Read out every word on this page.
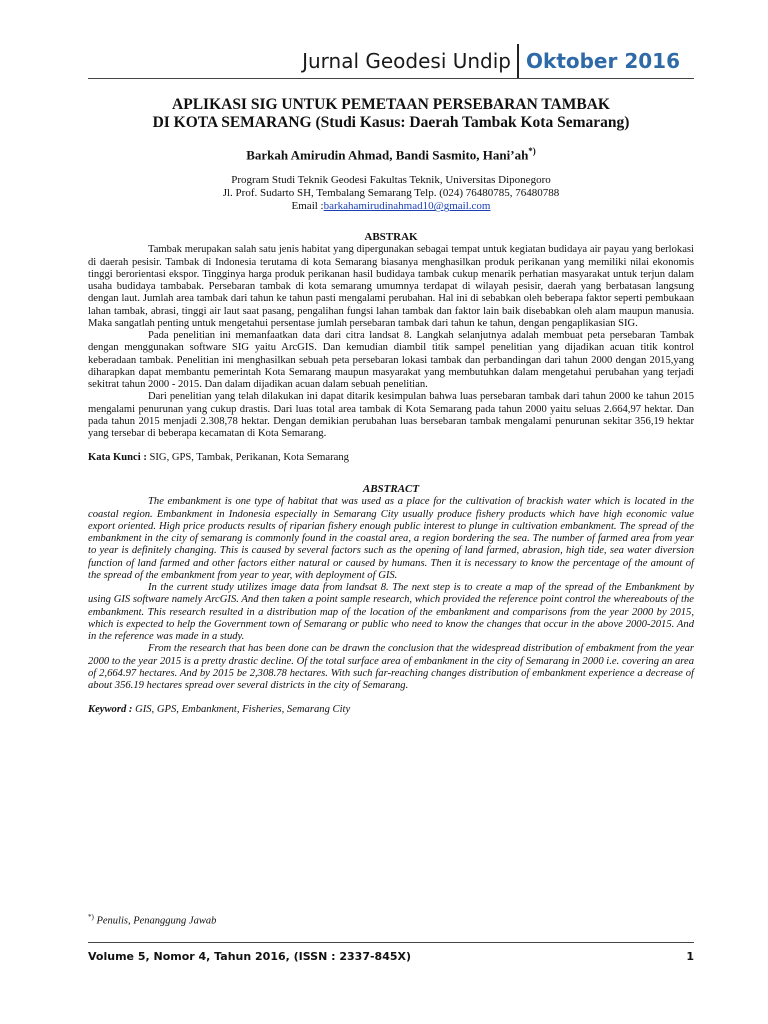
Jurnal Geodesi Undip Oktober 2016
APLIKASI SIG UNTUK PEMETAAN PERSEBARAN TAMBAK
DI KOTA SEMARANG (Studi Kasus: Daerah Tambak Kota Semarang)
Barkah Amirudin Ahmad, Bandi Sasmito, Hani’ah*)
Program Studi Teknik Geodesi Fakultas Teknik, Universitas Diponegoro
Jl. Prof. Sudarto SH, Tembalang Semarang Telp. (024) 76480785, 76480788
Email :barkahamirudinahmad10@gmail.com
ABSTRAK

Tambak merupakan salah satu jenis habitat yang dipergunakan sebagai tempat untuk kegiatan budidaya air payau yang berlokasi di daerah pesisir. Tambak di Indonesia terutama di kota Semarang biasanya menghasilkan produk perikanan yang memiliki nilai ekonomis tinggi berorientasi ekspor. Tingginya harga produk perikanan hasil budidaya tambak cukup menarik perhatian masyarakat untuk terjun dalam usaha budidaya tambabak. Persebaran tambak di kota semarang umumnya terdapat di wilayah pesisir, daerah yang berbatasan langsung dengan laut. Jumlah area tambak dari tahun ke tahun pasti mengalami perubahan. Hal ini di sebabkan oleh beberapa faktor seperti pembukaan lahan tambak, abrasi, tinggi air laut saat pasang, pengalihan fungsi lahan tambak dan faktor lain baik disebabkan oleh alam maupun manusia. Maka sangatlah penting untuk mengetahui persentase jumlah persebaran tambak dari tahun ke tahun, dengan pengaplikasian SIG.

Pada penelitian ini memanfaatkan data dari citra landsat 8. Langkah selanjutnya adalah membuat peta persebaran Tambak dengan menggunakan software SIG yaitu ArcGIS. Dan kemudian diambil titik sampel penelitian yang dijadikan acuan titik kontrol keberadaan tambak. Penelitian ini menghasilkan sebuah peta persebaran lokasi tambak dan perbandingan dari tahun 2000 dengan 2015,yang diharapkan dapat membantu pemerintah Kota Semarang maupun masyarakat yang membutuhkan dalam mengetahui perubahan yang terjadi sekitrat tahun 2000 - 2015. Dan dalam dijadikan acuan dalam sebuah penelitian.

Dari penelitian yang telah dilakukan ini dapat ditarik kesimpulan bahwa luas persebaran tambak dari tahun 2000 ke tahun 2015 mengalami penurunan yang cukup drastis. Dari luas total area tambak di Kota Semarang pada tahun 2000 yaitu seluas 2.664,97 hektar. Dan pada tahun 2015 menjadi 2.308,78 hektar. Dengan demikian perubahan luas bersebaran tambak mengalami penurunan sekitar 356,19 hektar yang tersebar di beberapa kecamatan di Kota Semarang.

Kata Kunci : SIG, GPS, Tambak, Perikanan, Kota Semarang
ABSTRACT

The embankment is one type of habitat that was used as a place for the cultivation of brackish water which is located in the coastal region. Embankment in Indonesia especially in Semarang City usually produce fishery products which have high economic value export oriented. High price products results of riparian fishery enough public interest to plunge in cultivation embankment. The spread of the embankment in the city of semarang is commonly found in the coastal area, a region bordering the sea. The number of farmed area from year to year is definitely changing. This is caused by several factors such as the opening of land farmed, abrasion, high tide, sea water diversion function of land farmed and other factors either natural or caused by humans. Then it is necessary to know the percentage of the amount of the spread of the embankment from year to year, with deployment of GIS.

In the current study utilizes image data from landsat 8. The next step is to create a map of the spread of the Embankment by using GIS software namely ArcGIS. And then taken a point sample research, which provided the reference point control the whereabouts of the embankment. This research resulted in a distribution map of the location of the embankment and comparisons from the year 2000 by 2015, which is expected to help the Government town of Semarang or public who need to know the changes that occur in the above 2000-2015. And in the reference was made in a study.

From the research that has been done can be drawn the conclusion that the widespread distribution of embakment from the year 2000 to the year 2015 is a pretty drastic decline. Of the total surface area of embankment in the city of Semarang in 2000 i.e. covering an area of 2,664.97 hectares. And by 2015 be 2,308.78 hectares. With such far-reaching changes distribution of embankment experience a decrease of about 356.19 hectares spread over several districts in the city of Semarang.

Keyword : GIS, GPS, Embankment, Fisheries, Semarang City
*) Penulis, Penanggung Jawab
Volume 5, Nomor 4, Tahun 2016, (ISSN : 2337-845X)	1
